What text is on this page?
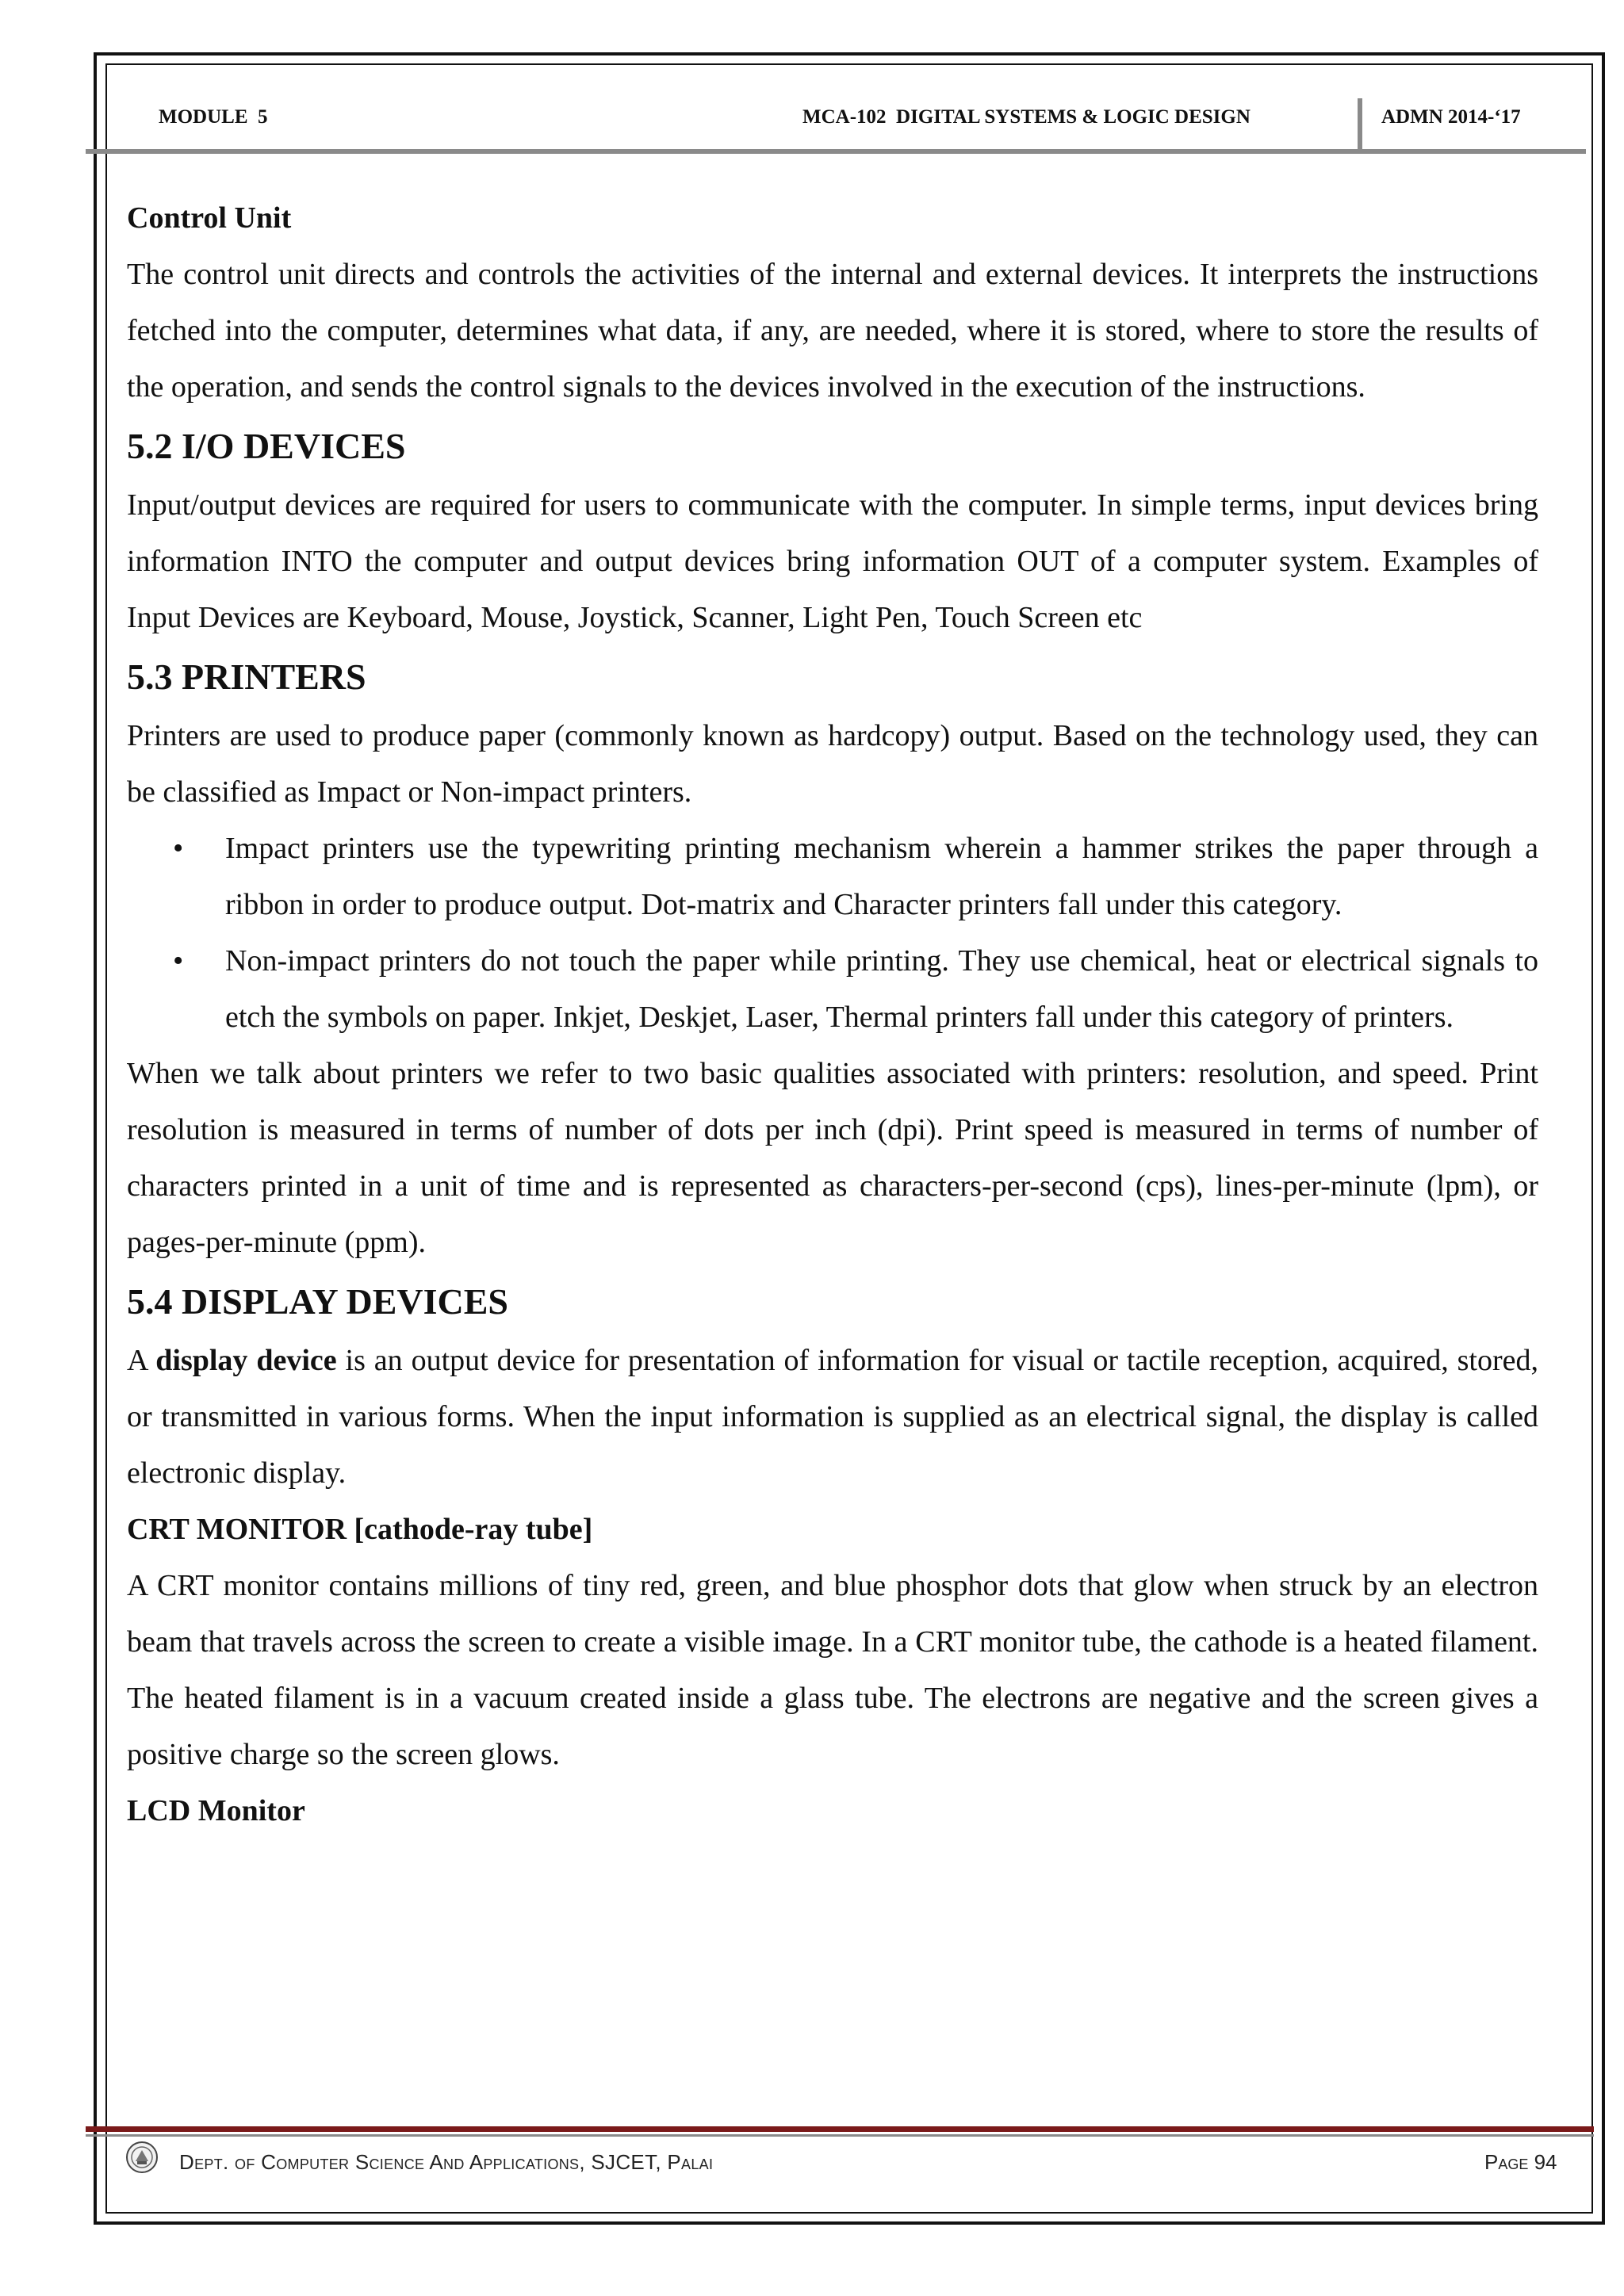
MODULE  5	MCA-102  DIGITAL SYSTEMS & LOGIC DESIGN	ADMN 2014-‘17
Control Unit

The control unit directs and controls the activities of the internal and external devices. It interprets the instructions fetched into the computer, determines what data, if any, are needed, where it is stored, where to store the results of the operation, and sends the control signals to the devices involved in the execution of the instructions.

5.2 I/O DEVICES

Input/output devices are required for users to communicate with the computer. In simple terms, input devices bring information INTO the computer and output devices bring information OUT of a computer system. Examples of Input Devices are Keyboard, Mouse, Joystick, Scanner, Light Pen, Touch Screen etc

5.3 PRINTERS

Printers are used to produce paper (commonly known as hardcopy) output. Based on the technology used, they can be classified as Impact or Non-impact printers.

• Impact printers use the typewriting printing mechanism wherein a hammer strikes the paper through a ribbon in order to produce output. Dot-matrix and Character printers fall under this category.
• Non-impact printers do not touch the paper while printing. They use chemical, heat or electrical signals to etch the symbols on paper. Inkjet, Deskjet, Laser, Thermal printers fall under this category of printers.

When we talk about printers we refer to two basic qualities associated with printers: resolution, and speed. Print resolution is measured in terms of number of dots per inch (dpi). Print speed is measured in terms of number of characters printed in a unit of time and is represented as characters-per-second (cps), lines-per-minute (lpm), or pages-per-minute (ppm).

5.4 DISPLAY DEVICES

A display device is an output device for presentation of information for visual or tactile reception, acquired, stored, or transmitted in various forms. When the input information is supplied as an electrical signal, the display is called electronic display.

CRT MONITOR [cathode-ray tube]

A CRT monitor contains millions of tiny red, green, and blue phosphor dots that glow when struck by an electron beam that travels across the screen to create a visible image. In a CRT monitor tube, the cathode is a heated filament. The heated filament is in a vacuum created inside a glass tube. The electrons are negative and the screen gives a positive charge so the screen glows.

LCD Monitor
Dept. of Computer Science And Applications, SJCET, Palai	Page 94
